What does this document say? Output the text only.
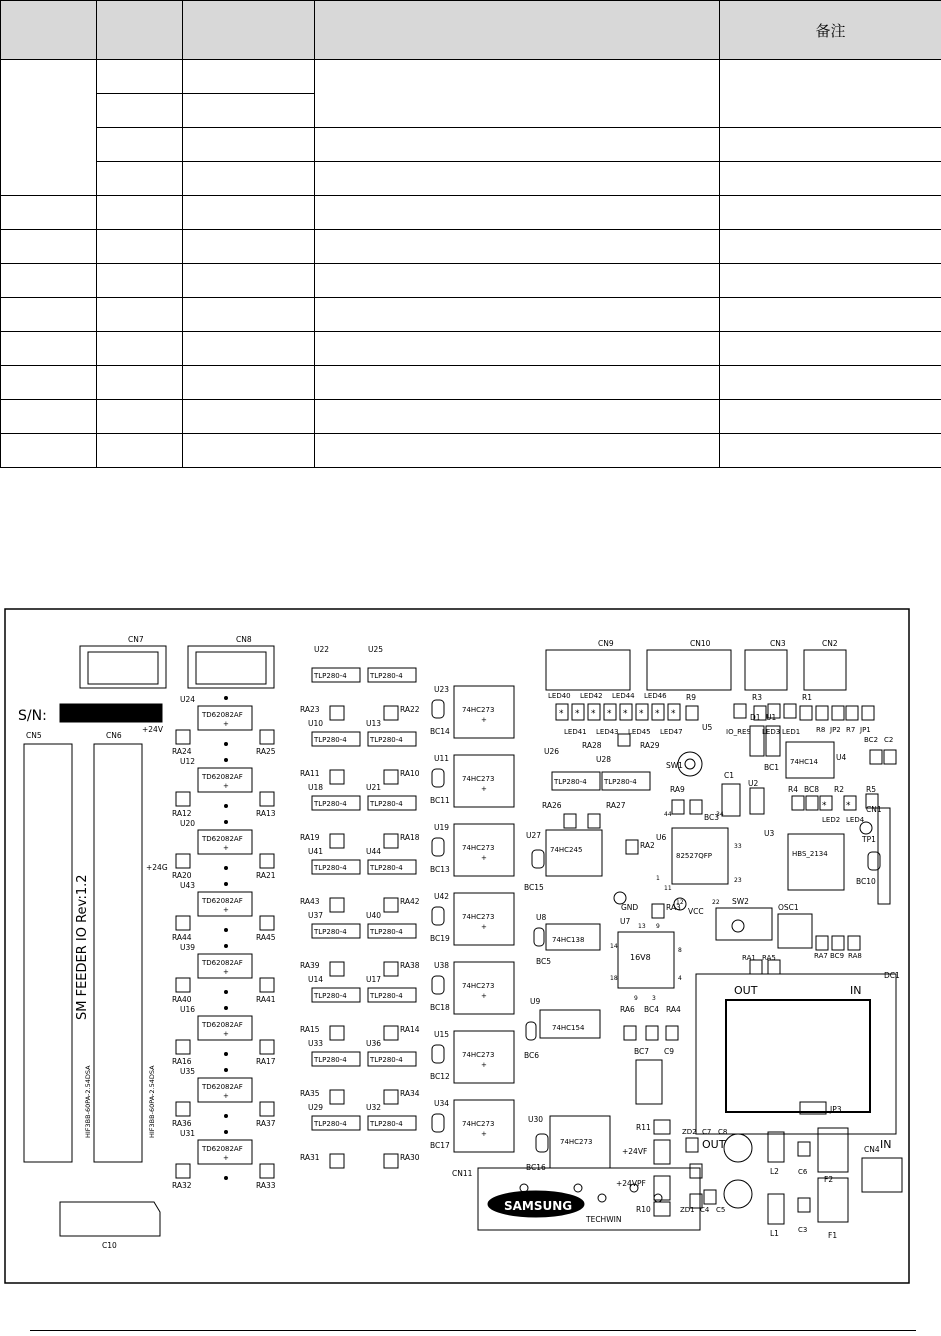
				备注

U24
TD62082AF
+
RA24	RA25
U12
TD62082AF
+
RA12	RA13
U20
TD62082AF
+
RA20	RA21
U43
TD62082AF
+
RA44	RA45
U39
TD62082AF
+
RA40	RA41
U16
TD62082AF
+
RA16	RA17
U35
TD62082AF
+
RA36	RA37
U31
TD62082AF
+
RA32	RA33
TLP280-4	TLP280-4
RA23	RA22
U10	U13
TLP280-4	TLP280-4
RA11	RA10
U18	U21
TLP280-4	TLP280-4
RA19	RA18
U41	U44
TLP280-4	TLP280-4
RA43	RA42
U37	U40
TLP280-4	TLP280-4
RA39	RA38
U14	U17
TLP280-4	TLP280-4
RA15	RA14
U33	U36
TLP280-4	TLP280-4
RA35	RA34
U29	U32
TLP280-4	TLP280-4
RA31	RA30
U23
74HC273
+
BC14
U11
74HC273
+
BC11
U19
74HC273
+
BC13
U42
74HC273
+
BC19
U38
74HC273
+
BC18
U15
74HC273
+
BC12
U34
74HC273
+
BC17
* * * * * * * *
LED40 LED42 LED44 LED46
LED41 LED43 LED45 LED47
TLP280-4 TLP280-4
U26
U28
RA28	RA29
SW1
RA9
BC3
C1
D1 U1
U2
BC1
74HC14 U4
R4 BC8
* *
R2	R5
LED2 LED4
R9	R3	R1
U5 IO_RES LED3 LED1 R8 JP2 R7 JP1
BC2 C2
RA26	RA27
RA2
74HC245
U27
BC15
82527QFP
U6
44	34
33
1
11
12	22
23
U3
HBS_2134
TP1
BC10
RA3
U7
SW2
OSC1
RA7 BC9 RA8
74HC138
U8
BC5	16V8
13 9
14
8
18	4
9 3
RA1 RA5
RA6 BC4 RA4
74HC154
U9
BC6	BC7 C9
74HC273
U30
BC16
R11
R10
ZD2 C7 C8
ZD1 C4 C5
L2
L1
C6
C3
JP3
F2
F1
C10
CN7	CN8	CN9	CN10	CN3	CN2
CN5	CN6
CN1
CN4
CN11
HIF3BB-60PA-2.54DSA	HIF3BB-60PA-2.54DSA
S/N:
SM FEEDER IO Rev:1.2
+24V
+24G
+24VF
+24VPF
GND	VCC
DC1
OUT	IN
OUT	IN
SAMSUNG
TECHWIN
U22	U25
